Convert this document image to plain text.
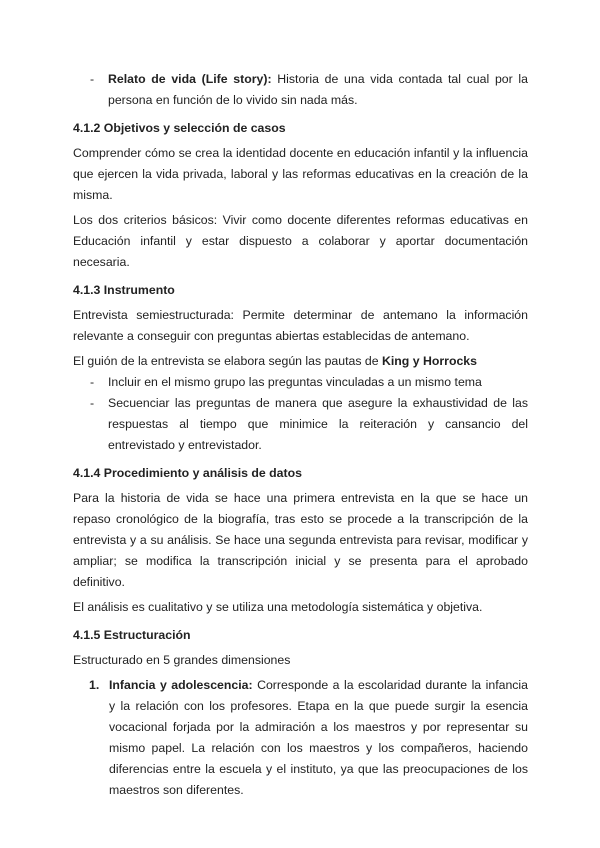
- Relato de vida (Life story): Historia de una vida contada tal cual por la persona en función de lo vivido sin nada más.
4.1.2 Objetivos y selección de casos

Comprender cómo se crea la identidad docente en educación infantil y la influencia que ejercen la vida privada, laboral y las reformas educativas en la creación de la misma.

Los dos criterios básicos: Vivir como docente diferentes reformas educativas en Educación infantil y estar dispuesto a colaborar y aportar documentación necesaria.

4.1.3 Instrumento

Entrevista semiestructurada: Permite determinar de antemano la información relevante a conseguir con preguntas abiertas establecidas de antemano.

El guión de la entrevista se elabora según las pautas de King y Horrocks

- Incluir en el mismo grupo las preguntas vinculadas a un mismo tema
- Secuenciar las preguntas de manera que asegure la exhaustividad de las respuestas al tiempo que minimice la reiteración y cansancio del entrevistado y entrevistador.
4.1.4 Procedimiento y análisis de datos

Para la historia de vida se hace una primera entrevista en la que se hace un repaso cronológico de la biografía, tras esto se procede a la transcripción de la entrevista y a su análisis. Se hace una segunda entrevista para revisar, modificar y ampliar; se modifica la transcripción inicial y se presenta para el aprobado definitivo.

El análisis es cualitativo y se utiliza una metodología sistemática y objetiva.

4.1.5 Estructuración

Estructurado en 5 grandes dimensiones

1. Infancia y adolescencia: Corresponde a la escolaridad durante la infancia y la relación con los profesores. Etapa en la que puede surgir la esencia vocacional forjada por la admiración a los maestros y por representar su mismo papel. La relación con los maestros y los compañeros, haciendo diferencias entre la escuela y el instituto, ya que las preocupaciones de los maestros son diferentes.
